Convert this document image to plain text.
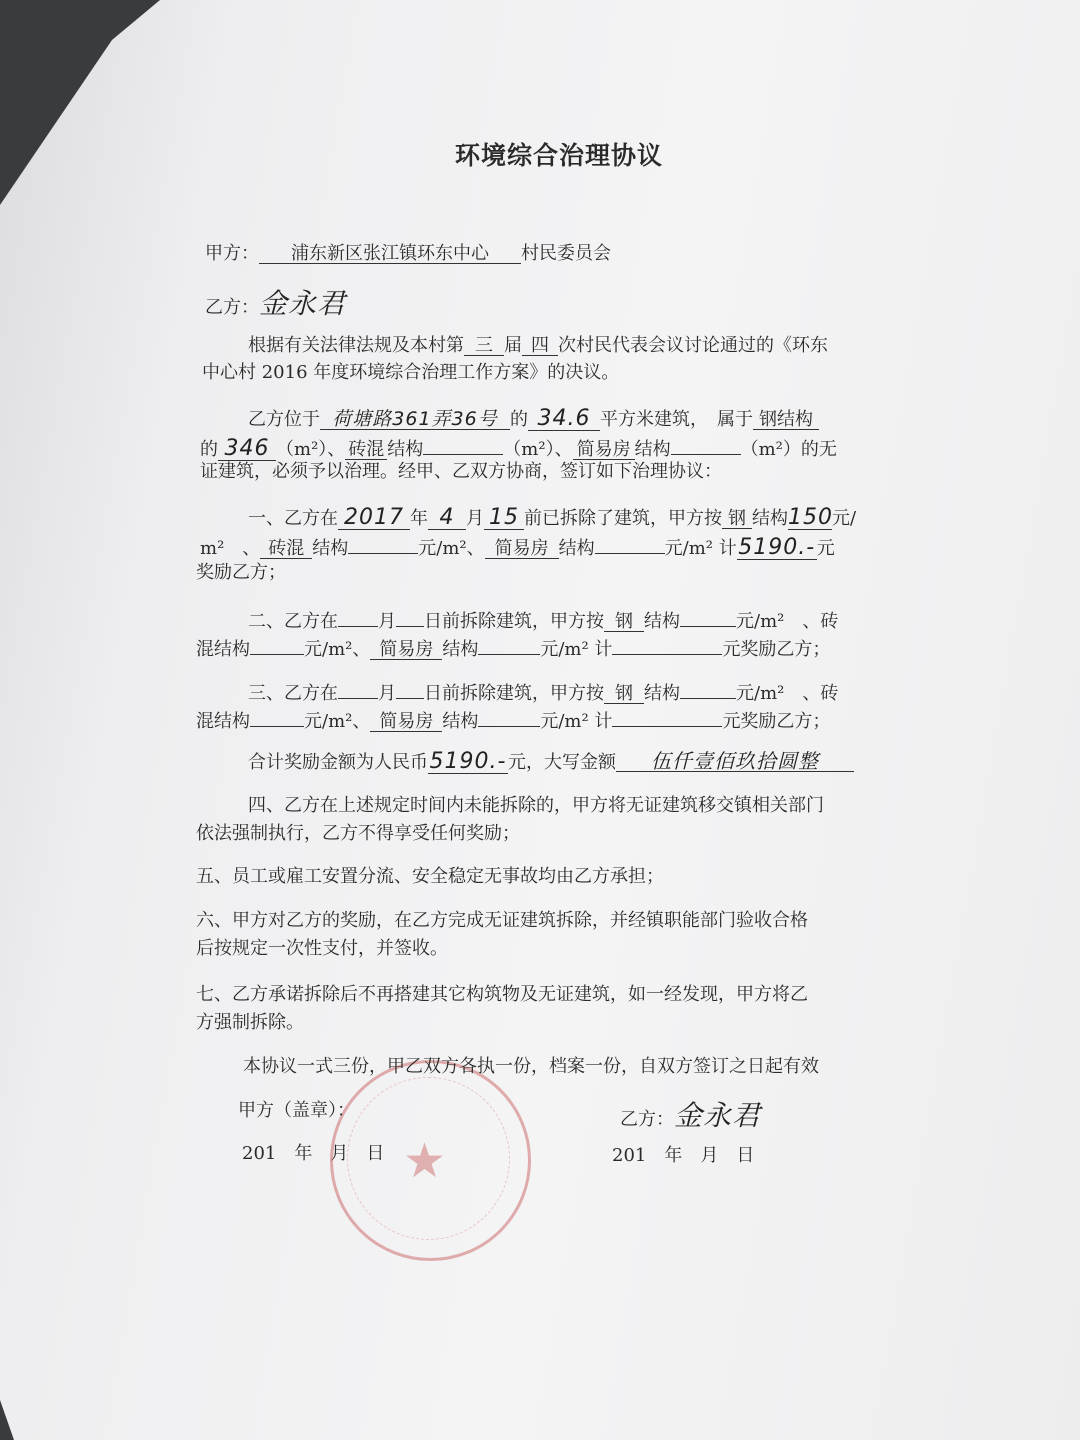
★
环境综合治理协议
甲方： 浦东新区张江镇环东中心 村民委员会
乙方：金永君
根据有关法律法规及本村第 三 届 四 次村民代表会议讨论通过的《环东
中心村 2016 年度环境综合治理工作方案》的决议。
乙方位于 荷塘路361弄36号 的 34.6 平方米建筑，　属于 钢结构
的 346 （m²）、 砖混 结构	（m²）、 简易房 结构	（m²）的无
证建筑，必须予以治理。经甲、乙双方协商，签订如下治理协议：
一、乙方在 2017 年 4 月 15 前已拆除了建筑，甲方按 钢 结构150元/
m²　、 砖混 结构	元/m²、 简易房 结构	元/m² 计5190.-元
奖励乙方；
二、乙方在 月 日前拆除建筑，甲方按 钢 结构	元/m²　、砖
混结构	元/m²、 简易房 结构	元/m² 计	元奖励乙方；
三、乙方在 月 日前拆除建筑，甲方按 钢 结构	元/m²　、砖
混结构	元/m²、 简易房 结构	元/m² 计	元奖励乙方；
合计奖励金额为人民币5190.-元，大写金额 伍仟壹佰玖拾圆整
四、乙方在上述规定时间内未能拆除的，甲方将无证建筑移交镇相关部门
依法强制执行，乙方不得享受任何奖励；
五、员工或雇工安置分流、安全稳定无事故均由乙方承担；
六、甲方对乙方的奖励，在乙方完成无证建筑拆除，并经镇职能部门验收合格
后按规定一次性支付，并签收。
七、乙方承诺拆除后不再搭建其它构筑物及无证建筑，如一经发现，甲方将乙
方强制拆除。
本协议一式三份，甲乙双方各执一份，档案一份，自双方签订之日起有效
甲方（盖章）：	乙方：金永君
201　年　月　日	201　年　月　日
